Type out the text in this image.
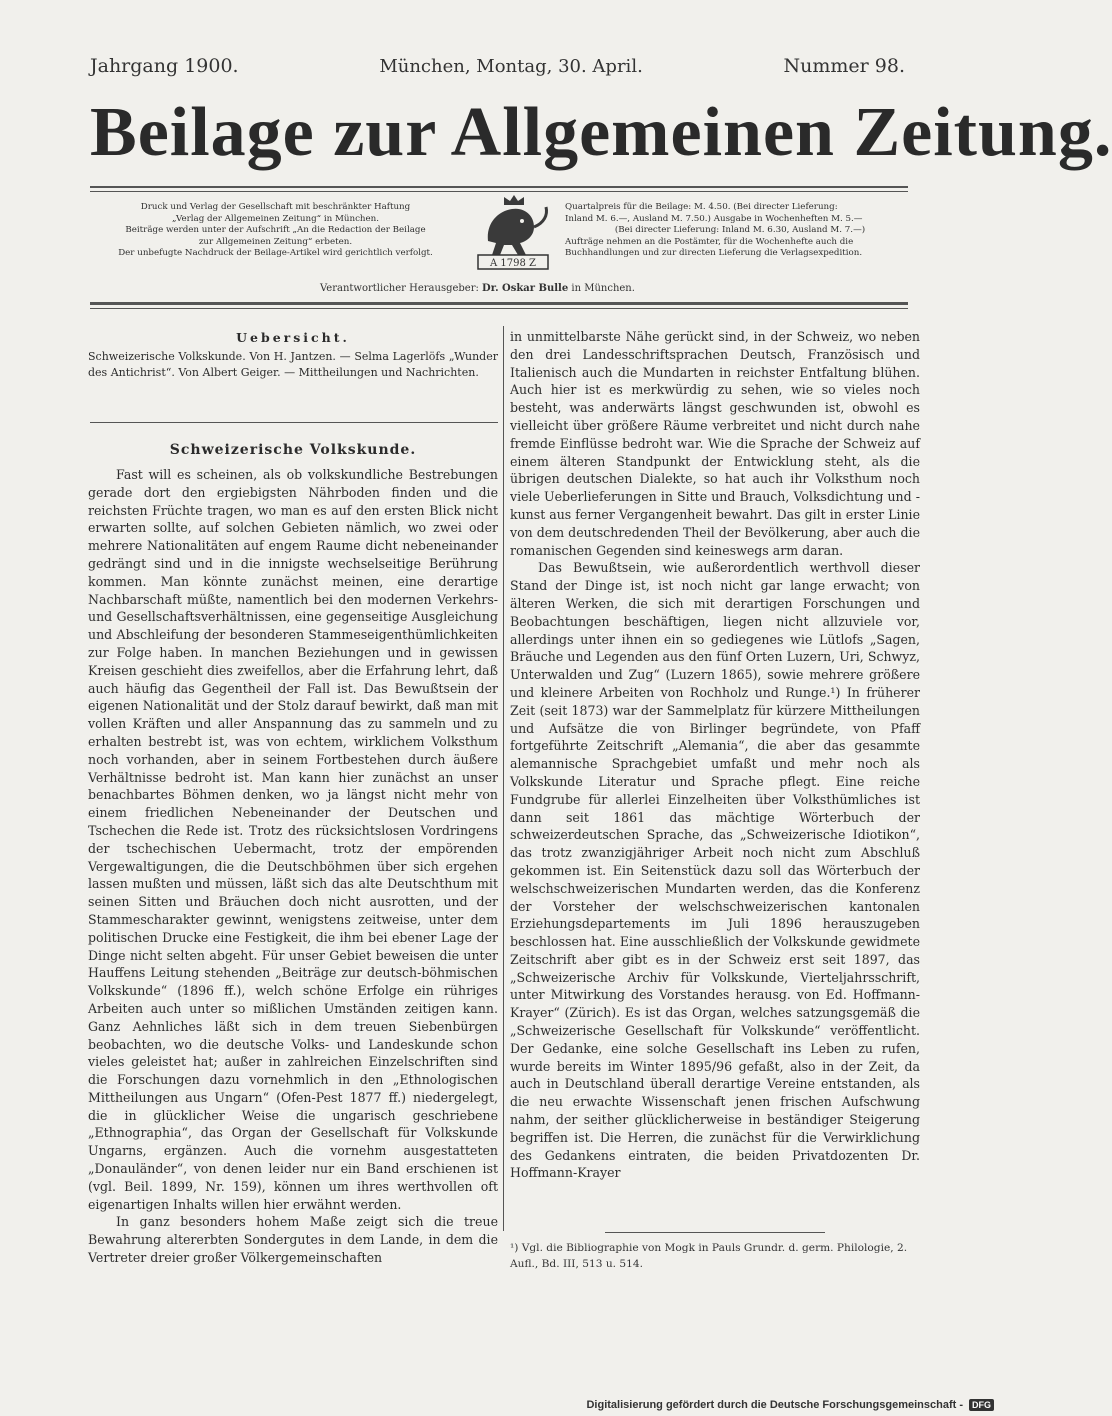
Jahrgang 1900.	München, Montag, 30. April.	Nummer 98.
Beilage zur Allgemeinen Zeitung.
Druck und Verlag der Gesellschaft mit beschränkter Haftung
„Verlag der Allgemeinen Zeitung“ in München.
Beiträge werden unter der Aufschrift „An die Redaction der Beilage
zur Allgemeinen Zeitung“ erbeten.
Der unbefugte Nachdruck der Beilage-Artikel wird gerichtlich verfolgt.
A 1798 Z
Quartalpreis für die Beilage: M. 4.50. (Bei directer Lieferung:
Inland M. 6.—, Ausland M. 7.50.) Ausgabe in Wochenheften M. 5.—
(Bei directer Lieferung: Inland M. 6.30, Ausland M. 7.—)
Aufträge nehmen an die Postämter, für die Wochenhefte auch die
Buchhandlungen und zur directen Lieferung die Verlagsexpedition.
Verantwortlicher Herausgeber: Dr. Oskar Bulle in München.
Uebersicht.
Schweizerische Volkskunde. Von H. Jantzen. — Selma Lagerlöfs „Wunder des Antichrist“. Von Albert Geiger. — Mittheilungen und Nachrichten.
Schweizerische Volkskunde.

Fast will es scheinen, als ob volkskundliche Bestrebungen gerade dort den ergiebigsten Nährboden finden und die reichsten Früchte tragen, wo man es auf den ersten Blick nicht erwarten sollte, auf solchen Gebieten nämlich, wo zwei oder mehrere Nationalitäten auf engem Raume dicht nebeneinander gedrängt sind und in die innigste wechselseitige Berührung kommen. Man könnte zunächst meinen, eine derartige Nachbarschaft müßte, namentlich bei den modernen Verkehrs- und Gesellschaftsverhältnissen, eine gegenseitige Ausgleichung und Abschleifung der besonderen Stammeseigenthümlichkeiten zur Folge haben. In manchen Beziehungen und in gewissen Kreisen geschieht dies zweifellos, aber die Erfahrung lehrt, daß auch häufig das Gegentheil der Fall ist. Das Bewußtsein der eigenen Nationalität und der Stolz darauf bewirkt, daß man mit vollen Kräften und aller Anspannung das zu sammeln und zu erhalten bestrebt ist, was von echtem, wirklichem Volksthum noch vorhanden, aber in seinem Fortbestehen durch äußere Verhältnisse bedroht ist. Man kann hier zunächst an unser benachbartes Böhmen denken, wo ja längst nicht mehr von einem friedlichen Nebeneinander der Deutschen und Tschechen die Rede ist. Trotz des rücksichtslosen Vordringens der tschechischen Uebermacht, trotz der empörenden Vergewaltigungen, die die Deutschböhmen über sich ergehen lassen mußten und müssen, läßt sich das alte Deutschthum mit seinen Sitten und Bräuchen doch nicht ausrotten, und der Stammescharakter gewinnt, wenigstens zeitweise, unter dem politischen Drucke eine Festigkeit, die ihm bei ebener Lage der Dinge nicht selten abgeht. Für unser Gebiet beweisen die unter Hauffens Leitung stehenden „Beiträge zur deutsch-böhmischen Volkskunde“ (1896 ff.), welch schöne Erfolge ein rühriges Arbeiten auch unter so mißlichen Umständen zeitigen kann. Ganz Aehnliches läßt sich in dem treuen Siebenbürgen beobachten, wo die deutsche Volks- und Landeskunde schon vieles geleistet hat; außer in zahlreichen Einzelschriften sind die Forschungen dazu vornehmlich in den „Ethnologischen Mittheilungen aus Ungarn“ (Ofen-Pest 1877 ff.) niedergelegt, die in glücklicher Weise die ungarisch geschriebene „Ethnographia“, das Organ der Gesellschaft für Volkskunde Ungarns, ergänzen. Auch die vornehm ausgestatteten „Donauländer“, von denen leider nur ein Band erschienen ist (vgl. Beil. 1899, Nr. 159), können um ihres werthvollen oft eigenartigen Inhalts willen hier erwähnt werden.

In ganz besonders hohem Maße zeigt sich die treue Bewahrung altererbten Sondergutes in dem Lande, in dem die Vertreter dreier großer Völkergemeinschaften

in unmittelbarste Nähe gerückt sind, in der Schweiz, wo neben den drei Landesschriftsprachen Deutsch, Französisch und Italienisch auch die Mundarten in reichster Entfaltung blühen. Auch hier ist es merkwürdig zu sehen, wie so vieles noch besteht, was anderwärts längst geschwunden ist, obwohl es vielleicht über größere Räume verbreitet und nicht durch nahe fremde Einflüsse bedroht war. Wie die Sprache der Schweiz auf einem älteren Standpunkt der Entwicklung steht, als die übrigen deutschen Dialekte, so hat auch ihr Volksthum noch viele Ueberlieferungen in Sitte und Brauch, Volksdichtung und -kunst aus ferner Vergangenheit bewahrt. Das gilt in erster Linie von dem deutschredenden Theil der Bevölkerung, aber auch die romanischen Gegenden sind keineswegs arm daran.

Das Bewußtsein, wie außerordentlich werthvoll dieser Stand der Dinge ist, ist noch nicht gar lange erwacht; von älteren Werken, die sich mit derartigen Forschungen und Beobachtungen beschäftigen, liegen nicht allzuviele vor, allerdings unter ihnen ein so gediegenes wie Lütlofs „Sagen, Bräuche und Legenden aus den fünf Orten Luzern, Uri, Schwyz, Unterwalden und Zug“ (Luzern 1865), sowie mehrere größere und kleinere Arbeiten von Rochholz und Runge.¹) In früherer Zeit (seit 1873) war der Sammelplatz für kürzere Mittheilungen und Aufsätze die von Birlinger begründete, von Pfaff fortgeführte Zeitschrift „Alemania“, die aber das gesammte alemannische Sprachgebiet umfaßt und mehr noch als Volkskunde Literatur und Sprache pflegt. Eine reiche Fundgrube für allerlei Einzelheiten über Volksthümliches ist dann seit 1861 das mächtige Wörterbuch der schweizerdeutschen Sprache, das „Schweizerische Idiotikon“, das trotz zwanzigjähriger Arbeit noch nicht zum Abschluß gekommen ist. Ein Seitenstück dazu soll das Wörterbuch der welschschweizerischen Mundarten werden, das die Konferenz der Vorsteher der welschschweizerischen kantonalen Erziehungsdepartements im Juli 1896 herauszugeben beschlossen hat. Eine ausschließlich der Volkskunde gewidmete Zeitschrift aber gibt es in der Schweiz erst seit 1897, das „Schweizerische Archiv für Volkskunde, Vierteljahrsschrift, unter Mitwirkung des Vorstandes herausg. von Ed. Hoffmann-Krayer“ (Zürich). Es ist das Organ, welches satzungsgemäß die „Schweizerische Gesellschaft für Volkskunde“ veröffentlicht. Der Gedanke, eine solche Gesellschaft ins Leben zu rufen, wurde bereits im Winter 1895/96 gefaßt, also in der Zeit, da auch in Deutschland überall derartige Vereine entstanden, als die neu erwachte Wissenschaft jenen frischen Aufschwung nahm, der seither glücklicherweise in beständiger Steigerung begriffen ist. Die Herren, die zunächst für die Verwirklichung des Gedankens eintraten, die beiden Privatdozenten Dr. Hoffmann-Krayer

¹) Vgl. die Bibliographie von Mogk in Pauls Grundr. d. germ. Philologie, 2. Aufl., Bd. III, 513 u. 514.
Digitalisierung gefördert durch die Deutsche Forschungsgemeinschaft -	DFG
